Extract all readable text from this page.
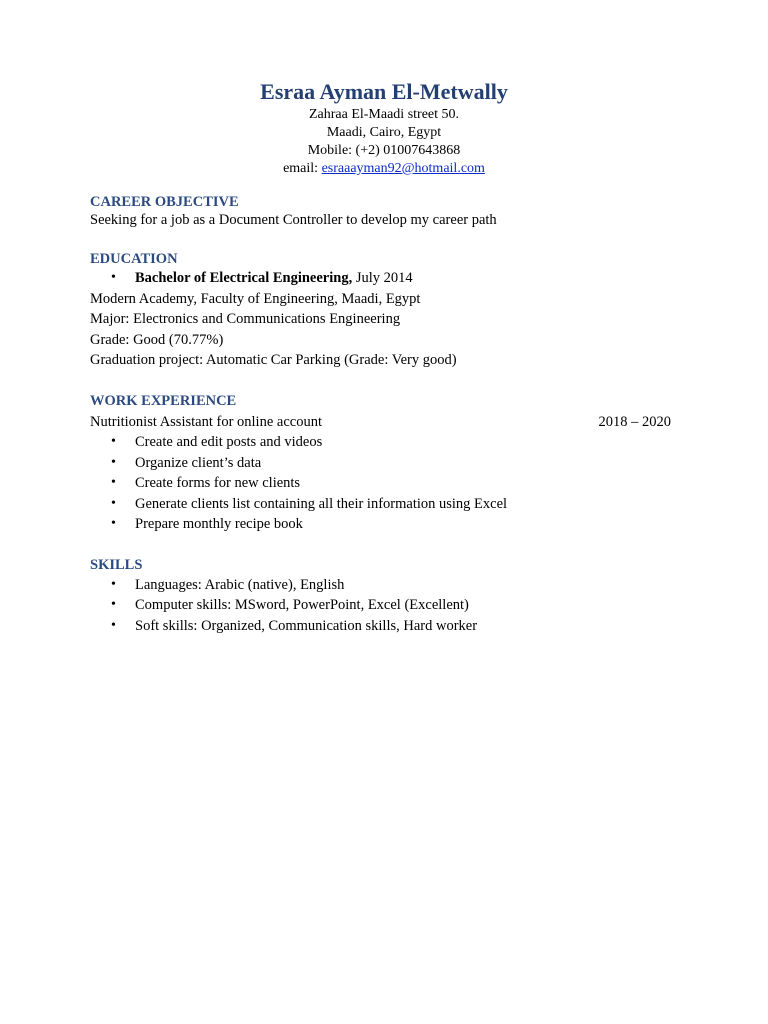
Esraa Ayman El-Metwally
Zahraa El-Maadi street 50.
Maadi, Cairo, Egypt
Mobile: (+2) 01007643868
email: esraaayman92@hotmail.com
CAREER OBJECTIVE
Seeking for a job as a Document Controller to develop my career path
EDUCATION
• Bachelor of Electrical Engineering, July 2014
Modern Academy, Faculty of Engineering, Maadi, Egypt
Major: Electronics and Communications Engineering
Grade: Good (70.77%)
Graduation project: Automatic Car Parking (Grade: Very good)
WORK EXPERIENCE
Nutritionist Assistant for online account	2018 – 2020
• Create and edit posts and videos
• Organize client’s data
• Create forms for new clients
• Generate clients list containing all their information using Excel
• Prepare monthly recipe book
SKILLS
• Languages: Arabic (native), English
• Computer skills: MSword, PowerPoint, Excel (Excellent)
• Soft skills: Organized, Communication skills, Hard worker
